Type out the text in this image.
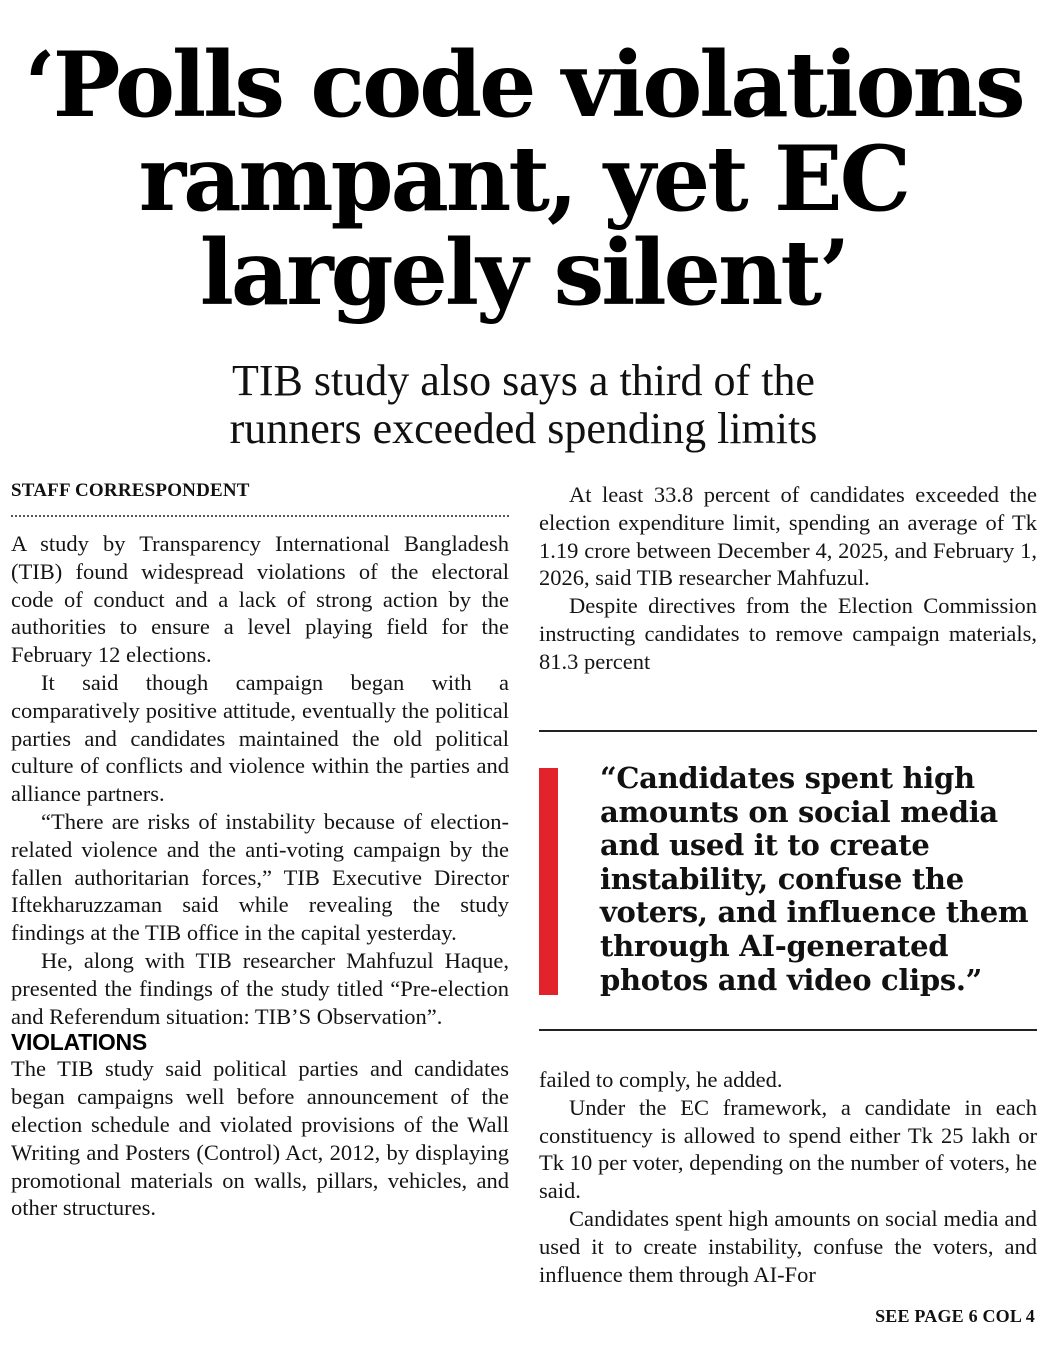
‘Polls code violations
rampant, yet EC
largely silent’
TIB study also says a third of the
runners exceeded spending limits
STAFF CORRESPONDENT

A study by Transparency International Bangladesh (TIB) found widespread violations of the electoral code of conduct and a lack of strong action by the authorities to ensure a level playing field for the February 12 elections.

It said though campaign began with a comparatively positive attitude, eventually the political parties and candidates maintained the old political culture of conflicts and violence within the parties and alliance partners.

“There are risks of instability because of election-related violence and the anti-voting campaign by the fallen authoritarian forces,” TIB Executive Director Iftekharuzzaman said while revealing the study findings at the TIB office in the capital yesterday.

He, along with TIB researcher Mahfuzul Haque, presented the findings of the study titled “Pre-election and Referendum situation: TIB’S Observation”.

VIOLATIONS

The TIB study said political parties and candidates began campaigns well before announcement of the election schedule and violated provisions of the Wall Writing and Posters (Control) Act, 2012, by displaying promotional materials on walls, pillars, vehicles, and other structures.

At least 33.8 percent of candidates exceeded the election expenditure limit, spending an average of Tk 1.19 crore between December 4, 2025, and February 1, 2026, said TIB researcher Mahfuzul.

Despite directives from the Election Commission instructing candidates to remove campaign materials, 81.3 percent

“Candidates spent high
amounts on social media
and used it to create
instability, confuse the
voters, and influence them
through AI-generated
photos and video clips.”

failed to comply, he added.

Under the EC framework, a candidate in each constituency is allowed to spend either Tk 25 lakh or Tk 10 per voter, depending on the number of voters, he said.

Candidates spent high amounts on social media and used it to create instability, confuse the voters, and influence them through AI-For

SEE PAGE 6 COL 4
